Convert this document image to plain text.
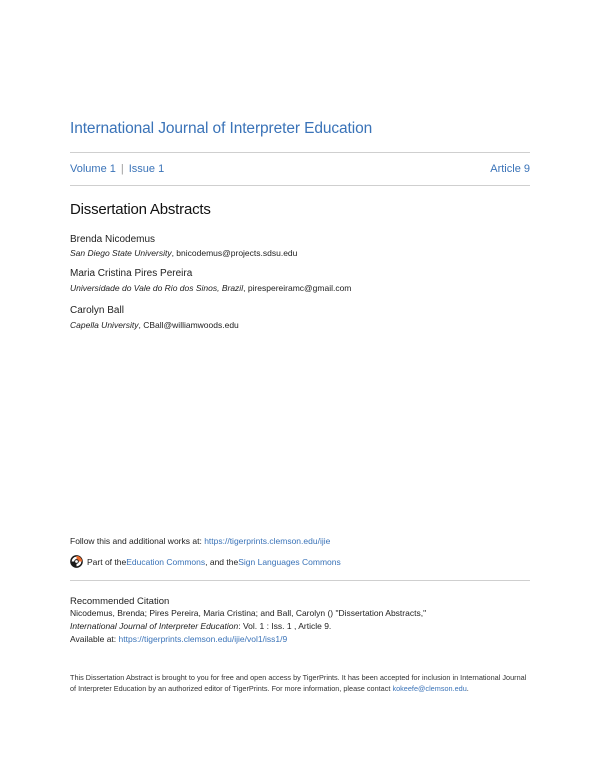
International Journal of Interpreter Education
Volume 1 | Issue 1	Article 9
Dissertation Abstracts
Brenda Nicodemus
San Diego State University, bnicodemus@projects.sdsu.edu
Maria Cristina Pires Pereira
Universidade do Vale do Rio dos Sinos, Brazil, pirespereiramc@gmail.com
Carolyn Ball
Capella University, CBall@williamwoods.edu
Follow this and additional works at: https://tigerprints.clemson.edu/ijie
Part of the Education Commons , and the Sign Languages Commons
Recommended Citation
Nicodemus, Brenda; Pires Pereira, Maria Cristina; and Ball, Carolyn () "Dissertation Abstracts,"
International Journal of Interpreter Education: Vol. 1 : Iss. 1 , Article 9.
Available at: https://tigerprints.clemson.edu/ijie/vol1/iss1/9
This Dissertation Abstract is brought to you for free and open access by TigerPrints. It has been accepted for inclusion in International Journal of Interpreter Education by an authorized editor of TigerPrints. For more information, please contact kokeefe@clemson.edu.
